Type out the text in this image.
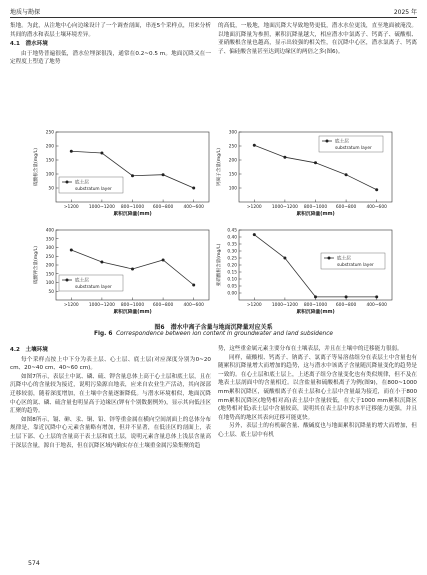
地质与勘探	2025 年

集地。为此，从注地中心向边缘设计了一个调查剖面，串连5个采样点，用来分析其间的潜水和表层土壤环境差异。

4.1　潜水环境

由于地势普遍很低，潜水位埋深很浅，通常在0.2~0.5 m。地面沉降又在一定程度上塑造了地势

的高低，一般地，地面沉降大导致地势更低，潜水水位更浅，直至地面被淹没。以地面沉降量为参照，累积沉降量越大，相应潜水中氯离子、钙离子、硫酸根、亚硝酸根含量也越高，显示出较强的相关性，在沉降中心区，潜水氯离子、钙离子、偏硅酸含量甚至达到边缘区的两倍之多(图6)。

50
100
150
200
250
>1200 1000~1200 800~1000 600~800 400~600
累积沉降量(mm)
硫酸根含量(mg/L)	底土层
substratum layer	100
150
200
250
300
>1200 1000~1200 800~1000 600~800 400~600
累积沉降量(mm)
钙离子含量(mg/L)
底土层
substratum layer
50
100
150
200
250
300
350
400
>1200 1000~1200 800~1000 600~800 400~600
累积沉降量(mm)
硫酸钾含量(mg/L)	底土层
substratum layer
0.00
0.05
0.10
0.15
0.20
0.25
0.30
0.35
0.40
0.45
>1200 1000~1200 800~1000 600~800 400~600
累积沉降量(mm)
亚硝酸根含量(mg/L)	底土层
substratum layer
图6　潜水中离子含量与地面沉降量对应关系
Fig. 6 Correspondence between ion content in groundwater and land subsidence
4.2　土壤环境

每个采样点按上中下分为表土层、心土层、底土层(对应深度分别为0~20 cm、20~40 cm、40~60 cm)。

如图7所示，表层土中氮、磷、硫、钾含量总体上高于心土层和底土层，且在沉降中心的含量较为接近，说明污染源自地表，应来自农业生产活动，其向深部迁移较弱，随着深度增加，在土壤中含量逐渐降低。与潜水环境相似，地面沉降中心区的氮、磷、硫含量也明显高于边缘区(钾有个别数据例外)，显示其向低洼区汇聚的趋势。

如图8所示，镉、砷、汞、铜、铅、锌等重金属在横向空间剖面上的总体分布规律是，靠近沉降中心元素含量略有增加，但并不显著，在低洼区的剖面上，表土层下部、心土层的含量高于表土层和底土层，说明元素含量总体上浅层含量高于深层含量，源自于地表，但在沉降区域内确实存在土壤重金属污染集聚的趋

势，这些重金属元素主要分布在土壤表层，并且在土壤中的迁移能力很弱。

同样，硫酸根、钙离子、钠离子、氯离子等易溶盐组分在表层土中含量也有随累积沉降量增大而增加的趋势，这与潜水中该离子含量随沉降量变化的趋势是一致的。在心土层和底土层上，上述离子组分含量变化也有类似规律，但不及在地表土层剖面中的含量相近。以含盐量和硫酸根离子为例(图9)，在800~1000 mm累积沉降区，硫酸根离子在表土层和心土层中含量最为接近，而在小于800 mm累积沉降区(地势相对高)表土层中含量较低，在大于1000 mm累积沉降区(地势相对低)表土层中含量较高，说明其在表土层中的水平迁移能力更强，并且在地势高的地区其表向迁移可能更快。

另外，表层土的有机碳含量、酸碱度也与地面累积沉降量的增大而增加，但心土层、底土层中有机

574
